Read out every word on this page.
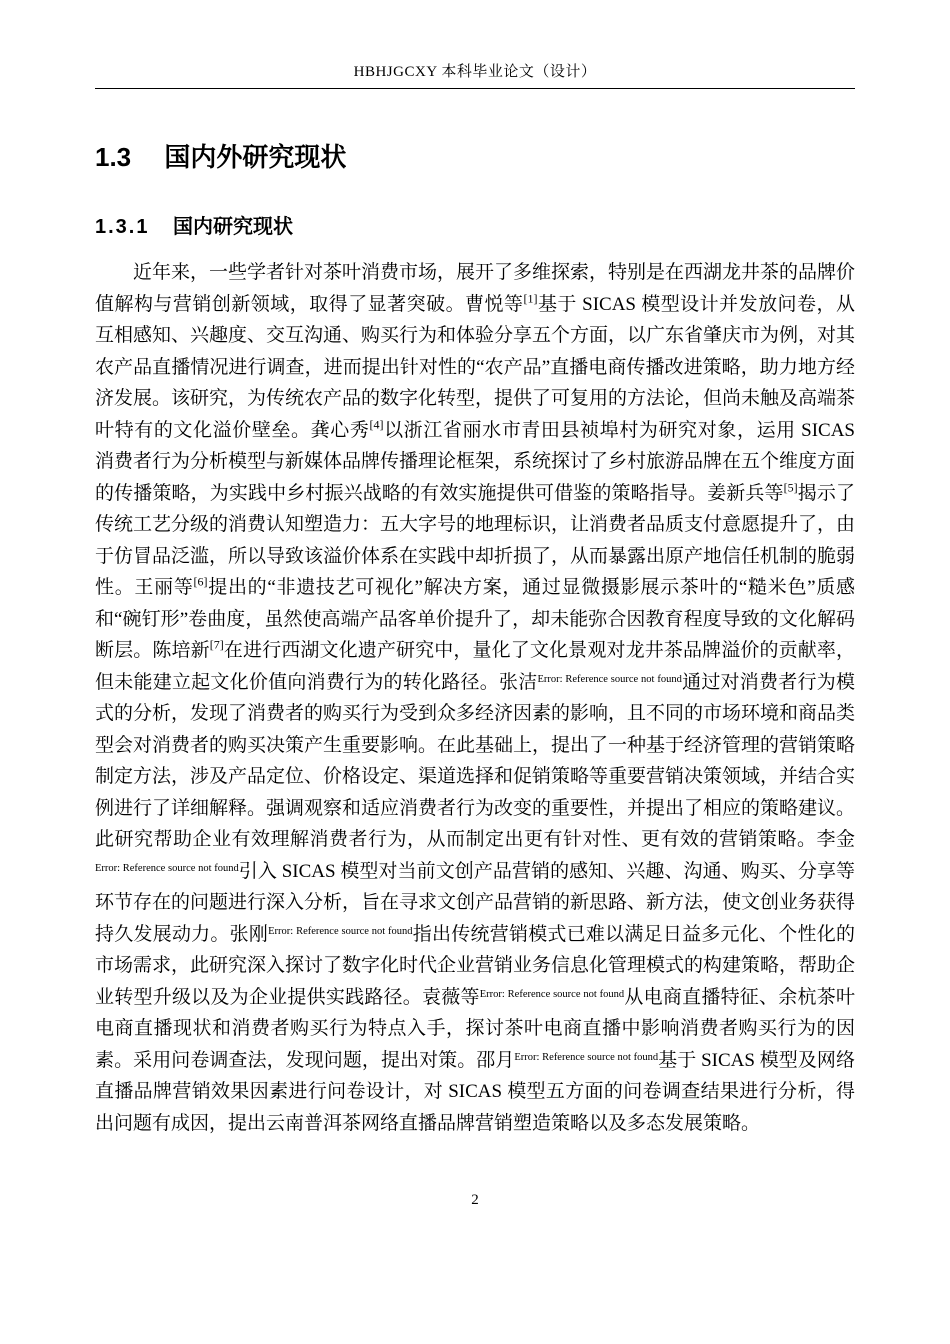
HBHJGCXY 本科毕业论文（设计）
1.3 国内外研究现状
1.3.1 国内研究现状

近年来，一些学者针对茶叶消费市场，展开了多维探索，特别是在西湖龙井茶的品牌价值解构与营销创新领域，取得了显著突破。曹悦等[1]基于 SICAS 模型设计并发放问卷，从互相感知、兴趣度、交互沟通、购买行为和体验分享五个方面，以广东省肇庆市为例，对其农产品直播情况进行调查，进而提出针对性的“农产品”直播电商传播改进策略，助力地方经济发展。该研究，为传统农产品的数字化转型，提供了可复用的方法论，但尚未触及高端茶叶特有的文化溢价壁垒。龚心秀[4]以浙江省丽水市青田县祯埠村为研究对象，运用 SICAS 消费者行为分析模型与新媒体品牌传播理论框架，系统探讨了乡村旅游品牌在五个维度方面的传播策略，为实践中乡村振兴战略的有效实施提供可借鉴的策略指导。姜新兵等[5]揭示了传统工艺分级的消费认知塑造力：五大字号的地理标识，让消费者品质支付意愿提升了，由于仿冒品泛滥，所以导致该溢价体系在实践中却折损了，从而暴露出原产地信任机制的脆弱性。王丽等[6]提出的“非遗技艺可视化”解决方案，通过显微摄影展示茶叶的“糙米色”质感和“碗钉形”卷曲度，虽然使高端产品客单价提升了，却未能弥合因教育程度导致的文化解码断层。陈培新[7]在进行西湖文化遗产研究中，量化了文化景观对龙井茶品牌溢价的贡献率，但未能建立起文化价值向消费行为的转化路径。张洁$^{Error: Reference source not found}$通过对消费者行为模式的分析，发现了消费者的购买行为受到众多经济因素的影响，且不同的市场环境和商品类型会对消费者的购买决策产生重要影响。在此基础上，提出了一种基于经济管理的营销策略制定方法，涉及产品定位、价格设定、渠道选择和促销策略等重要营销决策领域，并结合实例进行了详细解释。强调观察和适应消费者行为改变的重要性，并提出了相应的策略建议。此研究帮助企业有效理解消费者行为，从而制定出更有针对性、更有效的营销策略。李金$^{Error: Reference source not found}$引入 SICAS 模型对当前文创产品营销的感知、兴趣、沟通、购买、分享等环节存在的问题进行深入分析，旨在寻求文创产品营销的新思路、新方法，使文创业务获得持久发展动力。张刚$^{Error: Reference source not found}$指出传统营销模式已难以满足日益多元化、个性化的市场需求，此研究深入探讨了数字化时代企业营销业务信息化管理模式的构建策略，帮助企业转型升级以及为企业提供实践路径。袁薇等$^{Error: Reference source not found}$从电商直播特征、余杭茶叶电商直播现状和消费者购买行为特点入手，探讨茶叶电商直播中影响消费者购买行为的因素。采用问卷调查法，发现问题，提出对策。邵月$^{Error: Reference source not found}$基于 SICAS 模型及网络直播品牌营销效果因素进行问卷设计，对 SICAS 模型五方面的问卷调查结果进行分析，得出问题有成因，提出云南普洱茶网络直播品牌营销塑造策略以及多态发展策略。

2
